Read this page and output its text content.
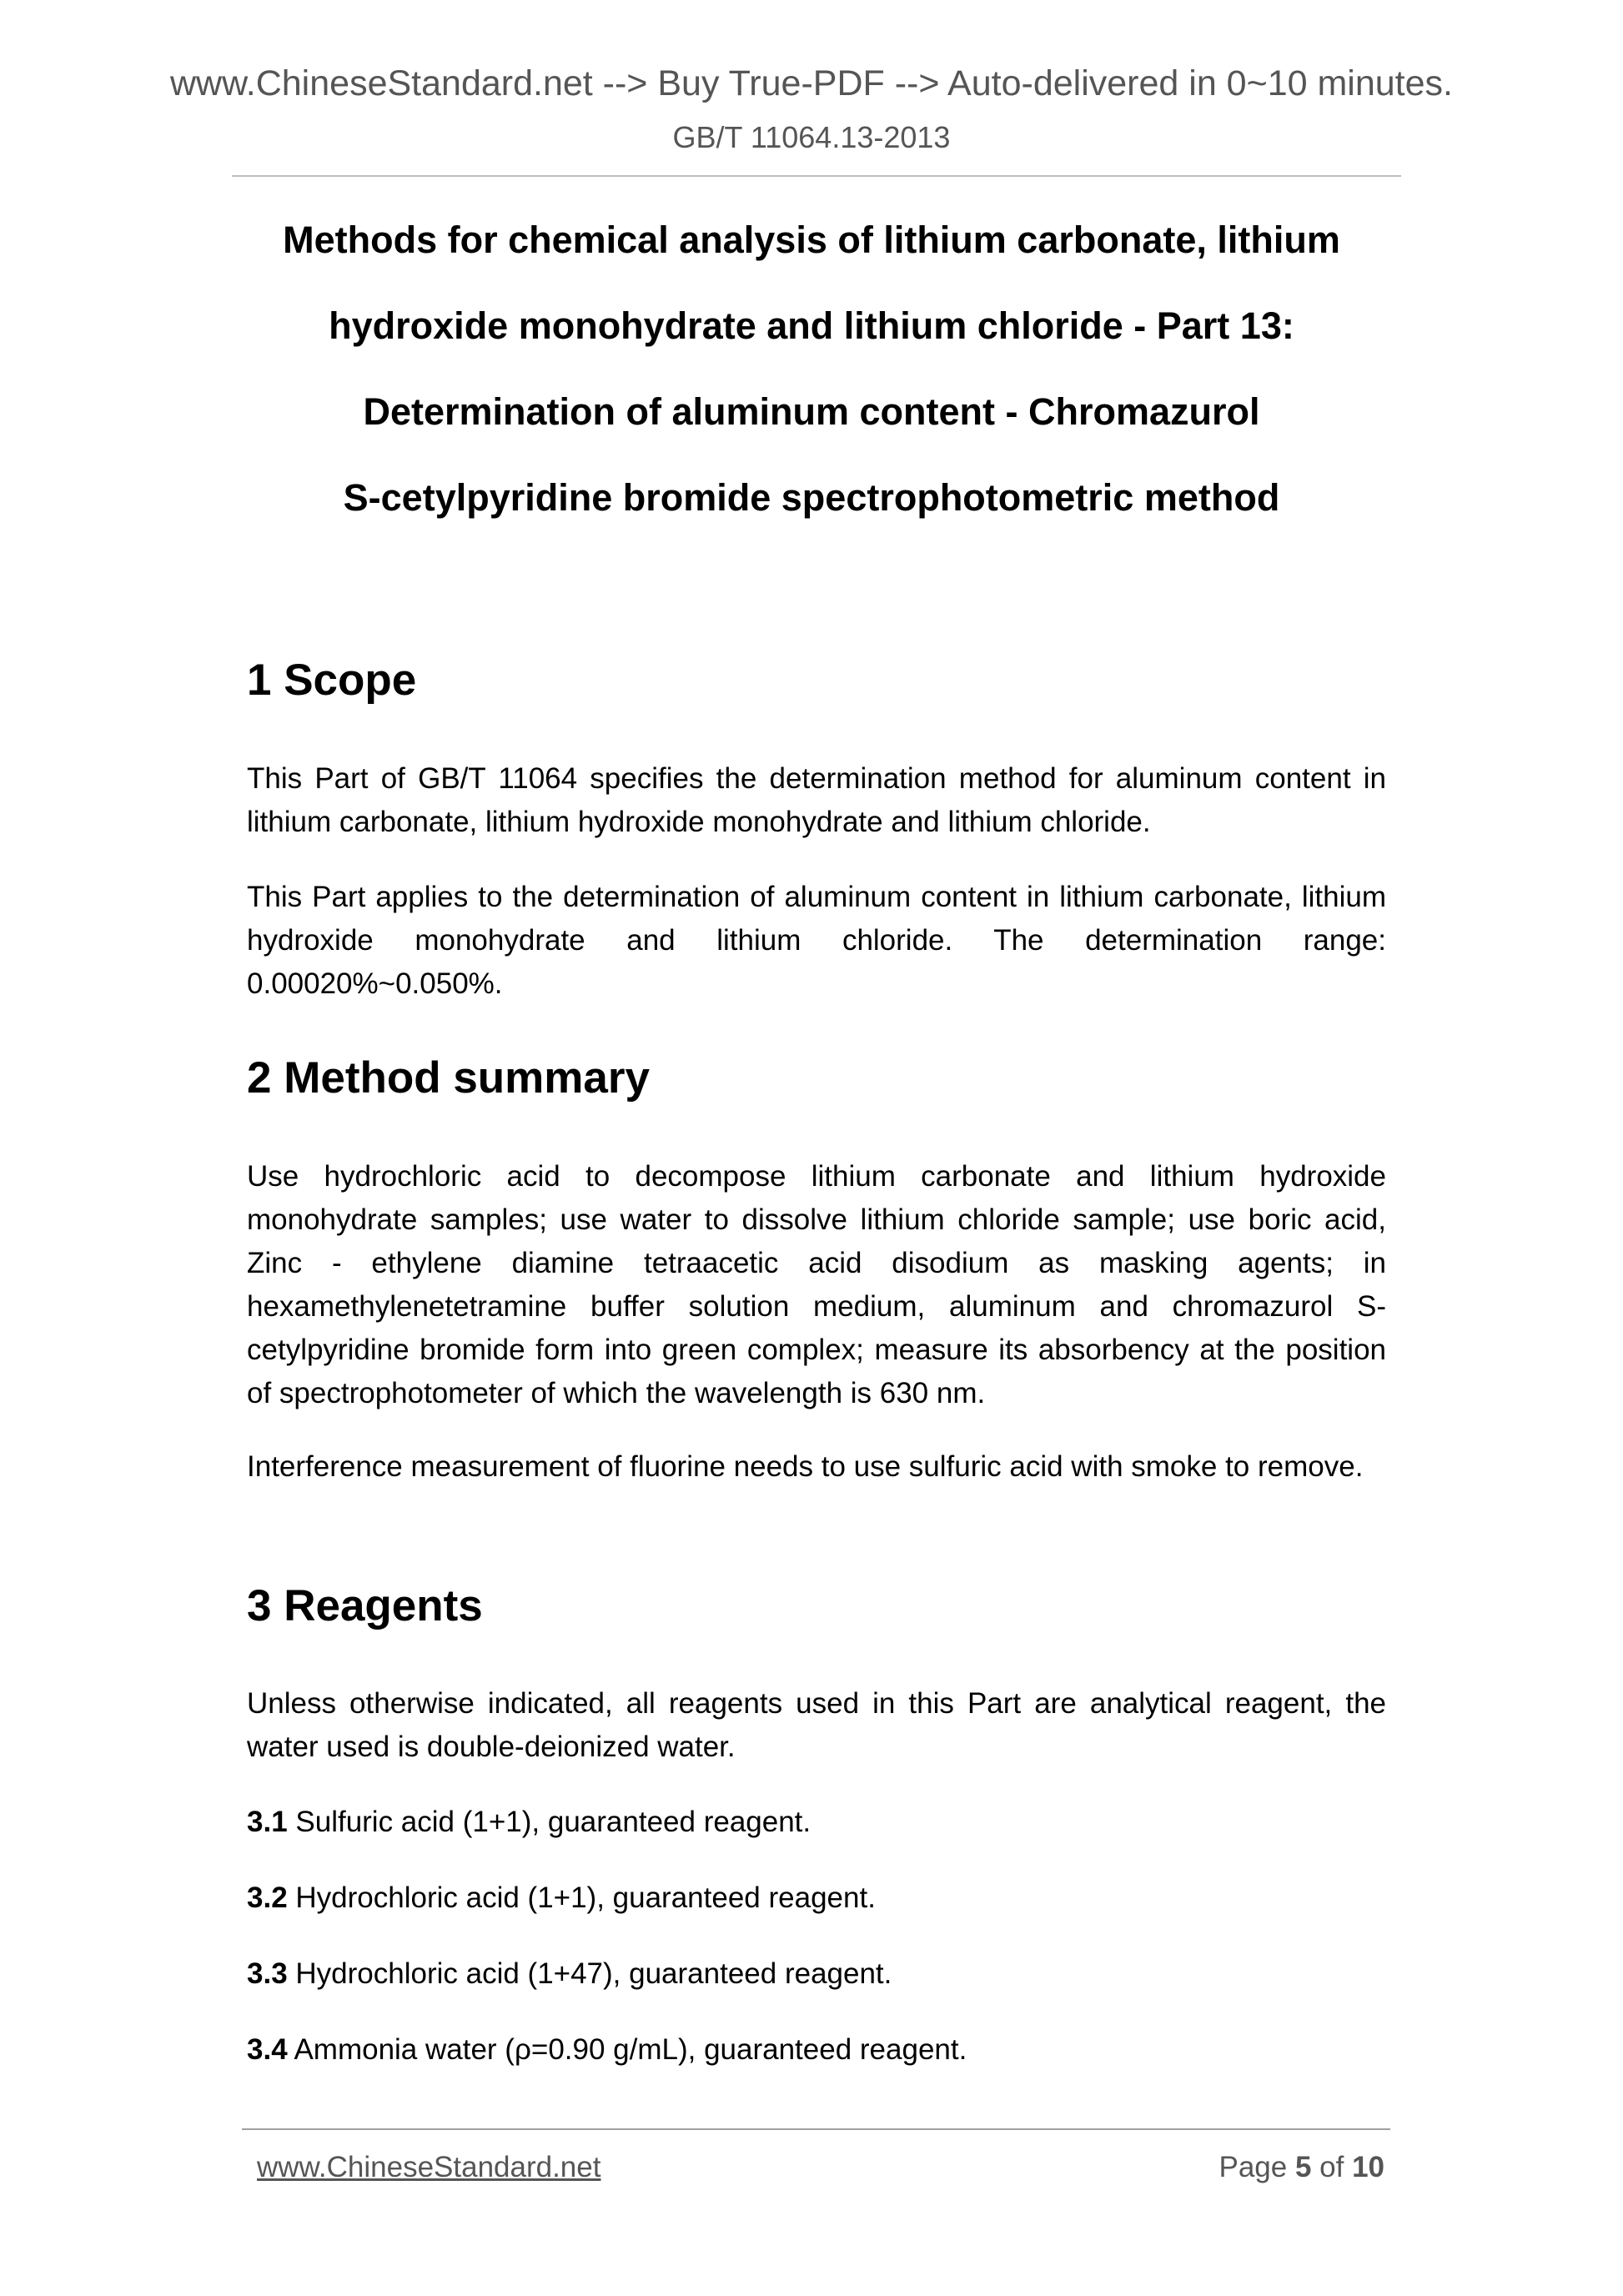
www.ChineseStandard.net --> Buy True-PDF --> Auto-delivered in 0~10 minutes.
GB/T 11064.13-2013
Methods for chemical analysis of lithium carbonate, lithium
hydroxide monohydrate and lithium chloride - Part 13:
Determination of aluminum content - Chromazurol
S-cetylpyridine bromide spectrophotometric method
1 Scope
This Part of GB/T 11064 specifies the determination method for aluminum content in lithium carbonate, lithium hydroxide monohydrate and lithium chloride.
This Part applies to the determination of aluminum content in lithium carbonate, lithium hydroxide monohydrate and lithium chloride. The determination range: 0.00020%~0.050%.
2 Method summary
Use hydrochloric acid to decompose lithium carbonate and lithium hydroxide monohydrate samples; use water to dissolve lithium chloride sample; use boric acid, Zinc - ethylene diamine tetraacetic acid disodium as masking agents; in hexamethylenetetramine buffer solution medium, aluminum and chromazurol S-cetylpyridine bromide form into green complex; measure its absorbency at the position of spectrophotometer of which the wavelength is 630 nm.
Interference measurement of fluorine needs to use sulfuric acid with smoke to remove.
3 Reagents
Unless otherwise indicated, all reagents used in this Part are analytical reagent, the water used is double-deionized water.
3.1 Sulfuric acid (1+1), guaranteed reagent.
3.2 Hydrochloric acid (1+1), guaranteed reagent.
3.3 Hydrochloric acid (1+47), guaranteed reagent.
3.4 Ammonia water (ρ=0.90 g/mL), guaranteed reagent.
www.ChineseStandard.net	Page 5 of 10
